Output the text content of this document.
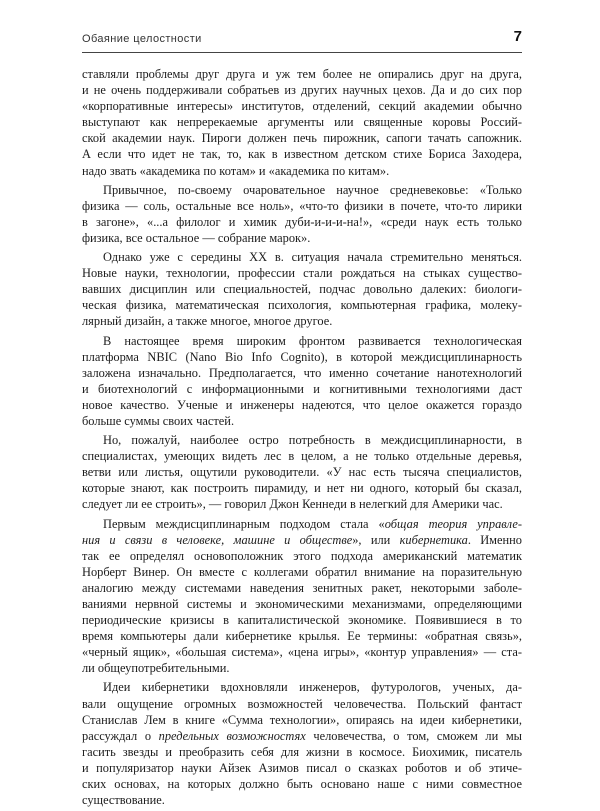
Обаяние целостности	7
ставляли проблемы друг друга и уж тем более не опирались друг на друга,
и не очень поддерживали собратьев из других научных цехов. Да и до сих пор
«корпоративные интересы» институтов, отделений, секций академии обычно
выступают как непререкаемые аргументы или священные коровы Россий-
ской академии наук. Пироги должен печь пирожник, сапоги тачать сапожник.
А если что идет не так, то, как в известном детском стихе Бориса Заходера,
надо звать «академика по котам» и «академика по китам».
Привычное, по-своему очаровательное научное средневековье: «Только
физика — соль, остальные все ноль», «что-то физики в почете, что-то лирики
в загоне», «...а филолог и химик дуби-и-и-и-на!», «среди наук есть только
физика, все остальное — собрание марок».
Однако уже с середины XX в. ситуация начала стремительно меняться.
Новые науки, технологии, профессии стали рождаться на стыках существо-
вавших дисциплин или специальностей, подчас довольно далеких: биологи-
ческая физика, математическая психология, компьютерная графика, молеку-
лярный дизайн, а также многое, многое другое.
В настоящее время широким фронтом развивается технологическая
платформа NBIC (Nano Bio Info Cognito), в которой междисциплинарность
заложена изначально. Предполагается, что именно сочетание нанотехнологий
и биотехнологий с информационными и когнитивными технологиями даст
новое качество. Ученые и инженеры надеются, что целое окажется гораздо
больше суммы своих частей.
Но, пожалуй, наиболее остро потребность в междисциплинарности, в
специалистах, умеющих видеть лес в целом, а не только отдельные деревья,
ветви или листья, ощутили руководители. «У нас есть тысяча специалистов,
которые знают, как построить пирамиду, и нет ни одного, который бы сказал,
следует ли ее строить», — говорил Джон Кеннеди в нелегкий для Америки час.
Первым междисциплинарным подходом стала «общая теория управле-
ния и связи в человеке, машине и обществе», или кибернетика. Именно
так ее определял основоположник этого подхода американский математик
Норберт Винер. Он вместе с коллегами обратил внимание на поразительную
аналогию между системами наведения зенитных ракет, некоторыми заболе-
ваниями нервной системы и экономическими механизмами, определяющими
периодические кризисы в капиталистической экономике. Появившиеся в то
время компьютеры дали кибернетике крылья. Ее термины: «обратная связь»,
«черный ящик», «большая система», «цена игры», «контур управления» — ста-
ли общеупотребительными.
Идеи кибернетики вдохновляли инженеров, футурологов, ученых, да-
вали ощущение огромных возможностей человечества. Польский фантаст
Станислав Лем в книге «Сумма технологии», опираясь на идеи кибернетики,
рассуждал о предельных возможностях человечества, о том, сможем ли мы
гасить звезды и преобразить себя для жизни в космосе. Биохимик, писатель
и популяризатор науки Айзек Азимов писал о сказках роботов и об этиче-
ских основах, на которых должно быть основано наше с ними совместное
существование.
